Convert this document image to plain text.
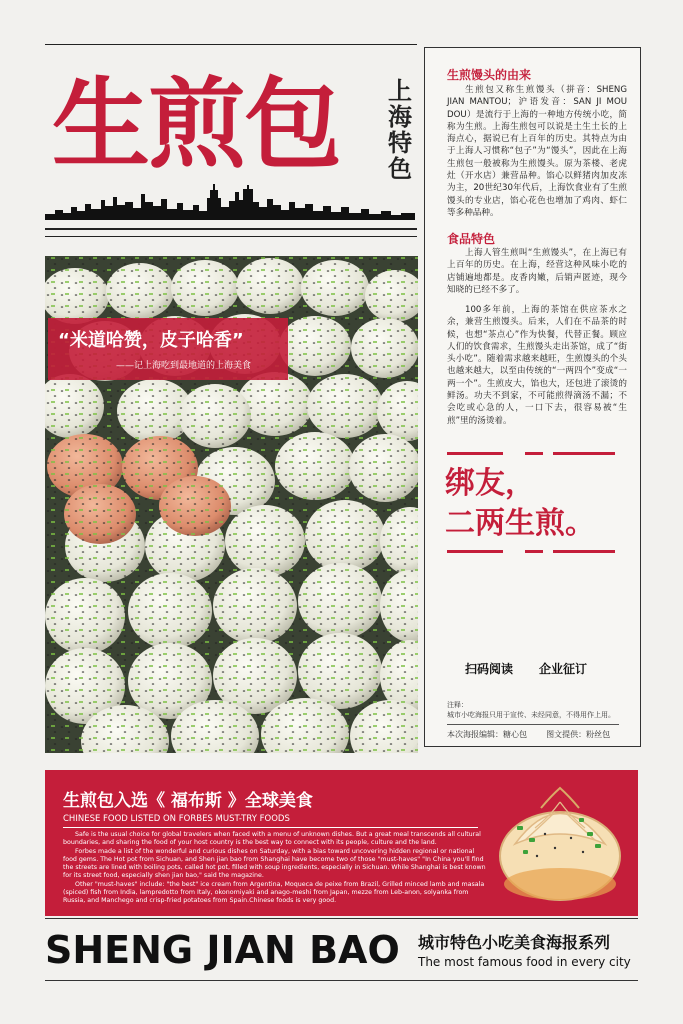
生煎包	上海特色
“米道哈赞，皮子哈香”
——记上海吃到最地道的上海美食
生煎馒头的由来
生煎包又称生煎馒头（拼音：SHENG JIAN MANTOU；沪语发音：SAN JI MOU DOU）是流行于上海的一种地方传统小吃，简称为生煎。上海生煎包可以说是土生土长的上海点心，据说已有上百年的历史。其特点为由于上海人习惯称“包子”为“馒头”，因此在上海生煎包一般被称为生煎馒头。原为茶楼、老虎灶（开水店）兼营品种。馅心以鲜猪肉加皮冻为主，20世纪30年代后，上海饮食业有了生煎馒头的专业店，馅心花色也增加了鸡肉、虾仁等多种品种。
食品特色
上海人管生煎叫“生煎馒头”，在上海已有上百年的历史。在上海，经营这种风味小吃的店铺遍地都是。皮香肉嫩，后销声匿迹，现今知晓的已经不多了。
100多年前，上海的茶馆在供应茶水之余，兼营生煎馒头。后来，人们在不品茶的时候，也想“茶点心”作为快餐，代替正餐。顾应人们的饮食需求，生煎馒头走出茶馆，成了“街头小吃”。随着需求越来越旺，生煎馒头的个头也越来越大，以至由传统的“一两四个”变成“一两一个”。生煎皮大，馅也大，还包进了滚烫的鲜汤。功夫不到家，不可能煎得滴汤不漏；不会吃或心急的人，一口下去，很容易被“生煎”里的汤烫着。
绑友，
二两生煎。
扫码阅读 企业征订
注释：
城市小吃海报只用于宣传、未经同意，不得用作上用。
本次海报编辑：糖心包 图文提供：粉丝包
生煎包入选《 福布斯 》全球美食
CHINESE FOOD LISTED ON FORBES MUST-TRY FOODS

Safe is the usual choice for global travelers when faced with a menu of unknown dishes. But a great meal transcends all cultural boundaries, and sharing the food of your host country is the best way to connect with its people, culture and the land.

Forbes made a list of the wonderful and curious dishes on Saturday, with a bias toward uncovering hidden regional or national food gems. The Hot pot from Sichuan, and Shen jian bao from Shanghai have become two of those "must-haves" "In China you'll find the streets are lined with boiling pots, called hot pot, filled with soup ingredients, especially in Sichuan. While Shanghai is best known for its street food, especially shen jian bao," said the magazine.

Other "must-haves" include: "the best" ice cream from Argentina, Moqueca de peixe from Brazil, Grilled minced lamb and masala (spiced) fish from India, lampredotto from Italy, okonomiyaki and anago-meshi from Japan, mezze from Leb-anon, solyanka from Russia, and Manchego and crisp-fried potatoes from Spain.Chinese foods is very good.

SHENG JIAN BAO 城市特色小吃美食海报系列
The most famous food in every city
